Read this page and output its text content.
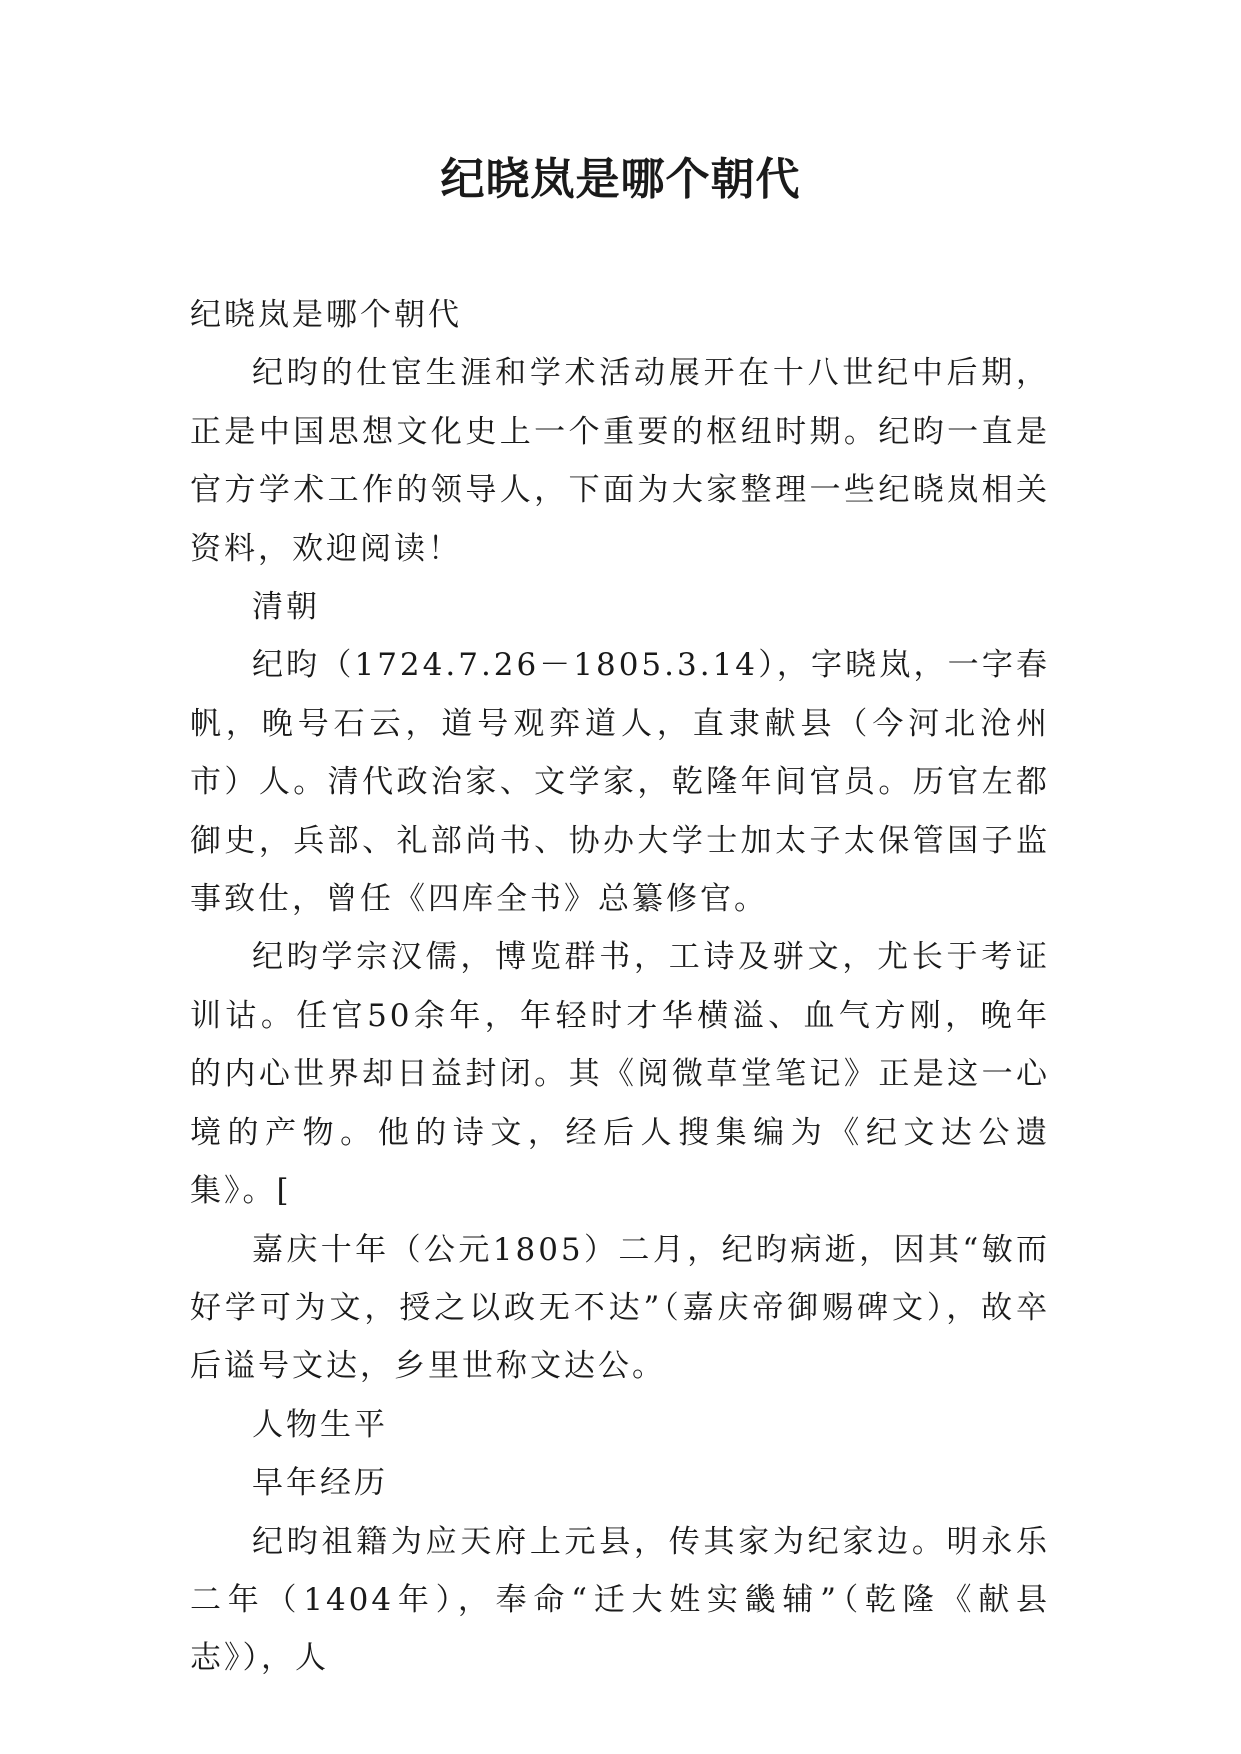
纪晓岚是哪个朝代

纪晓岚是哪个朝代

纪昀的仕宦生涯和学术活动展开在十八世纪中后期，正是中国思想文化史上一个重要的枢纽时期。纪昀一直是官方学术工作的领导人，下面为大家整理一些纪晓岚相关资料，欢迎阅读！

清朝

纪昀（1724.7.26－1805.3.14），字晓岚，一字春帆，晚号石云，道号观弈道人，直隶献县（今河北沧州市）人。清代政治家、文学家，乾隆年间官员。历官左都御史，兵部、礼部尚书、协办大学士加太子太保管国子监事致仕，曾任《四库全书》总纂修官。

纪昀学宗汉儒，博览群书，工诗及骈文，尤长于考证训诂。任官50余年，年轻时才华横溢、血气方刚，晚年的内心世界却日益封闭。其《阅微草堂笔记》正是这一心境的产物。他的诗文，经后人搜集编为《纪文达公遗集》。[

嘉庆十年（公元1805）二月，纪昀病逝，因其“敏而好学可为文，授之以政无不达”（嘉庆帝御赐碑文），故卒后谥号文达，乡里世称文达公。

人物生平

早年经历

纪昀祖籍为应天府上元县，传其家为纪家边。明永乐二年（1404年），奉命“迁大姓实畿辅”（乾隆《献县志》），人
